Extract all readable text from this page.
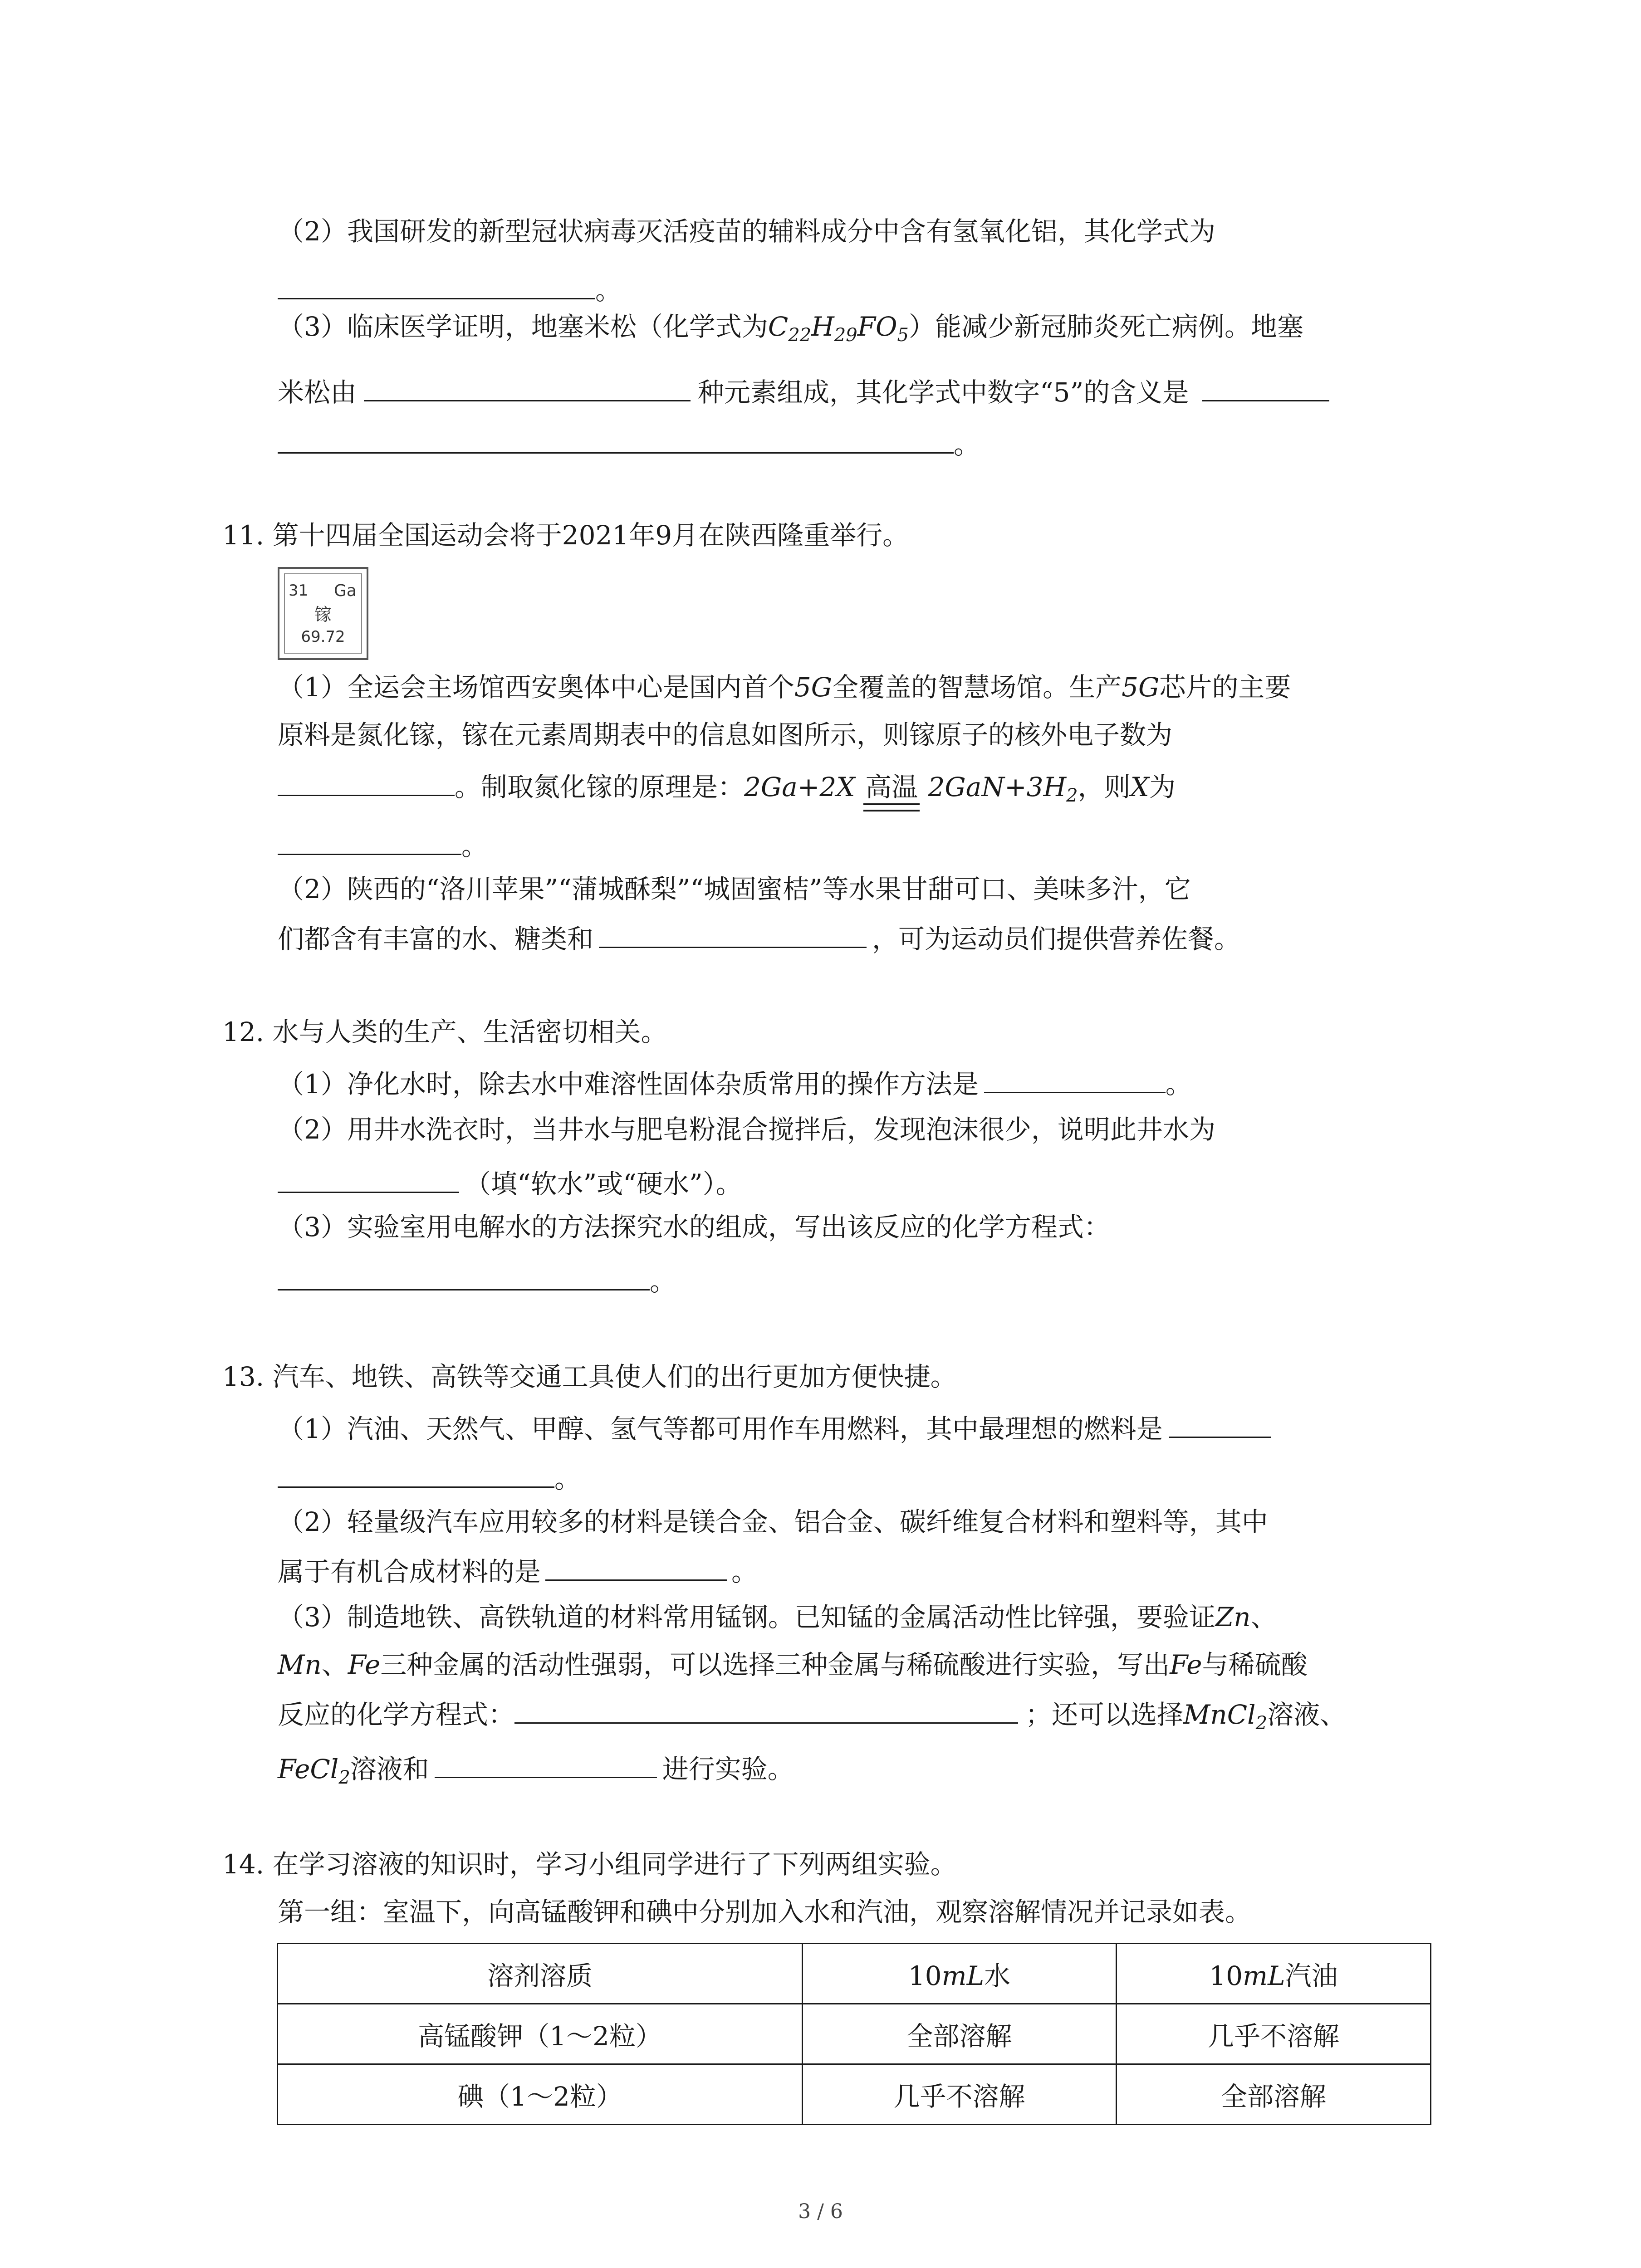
（2）我国研发的新型冠状病毒灭活疫苗的辅料成分中含有氢氧化铝，其化学式为
。
（3）临床医学证明，地塞米松（化学式为$C_{22}H_{29}FO_5$）能减少新冠肺炎死亡病例。地塞
米松由	种元素组成，其化学式中数字“5”的含义是
。
11. 第十四届全国运动会将于2021年9月在陕西隆重举行。
31 Ga
镓
69.72
（1）全运会主场馆西安奥体中心是国内首个5G全覆盖的智慧场馆。生产5G芯片的主要
原料是氮化镓，镓在元素周期表中的信息如图所示，则镓原子的核外电子数为
。制取氮化镓的原理是：2Ga+2X 高温 $2GaN+3H_2$，则X为
。
（2）陕西的“洛川苹果”“蒲城酥梨”“城固蜜桔”等水果甘甜可口、美味多汁，它
们都含有丰富的水、糖类和	，可为运动员们提供营养佐餐。
12. 水与人类的生产、生活密切相关。
（1）净化水时，除去水中难溶性固体杂质常用的操作方法是	。
（2）用井水洗衣时，当井水与肥皂粉混合搅拌后，发现泡沫很少，说明此井水为
（填“软水”或“硬水”）。
（3）实验室用电解水的方法探究水的组成，写出该反应的化学方程式：
。
13. 汽车、地铁、高铁等交通工具使人们的出行更加方便快捷。
（1）汽油、天然气、甲醇、氢气等都可用作车用燃料，其中最理想的燃料是
。
（2）轻量级汽车应用较多的材料是镁合金、铝合金、碳纤维复合材料和塑料等，其中
属于有机合成材料的是	。
（3）制造地铁、高铁轨道的材料常用锰钢。已知锰的金属活动性比锌强，要验证Zn、
Mn、Fe三种金属的活动性强弱，可以选择三种金属与稀硫酸进行实验，写出Fe与稀硫酸
反应的化学方程式：	；还可以选择MnCl$_2$溶液、
FeCl$_2$溶液和	进行实验。
14. 在学习溶液的知识时，学习小组同学进行了下列两组实验。
第一组：室温下，向高锰酸钾和碘中分别加入水和汽油，观察溶解情况并记录如表。
溶剂溶质	10mL水	10mL汽油
高锰酸钾（1～2粒）	全部溶解	几乎不溶解
碘（1～2粒）	几乎不溶解	全部溶解
3 / 6
